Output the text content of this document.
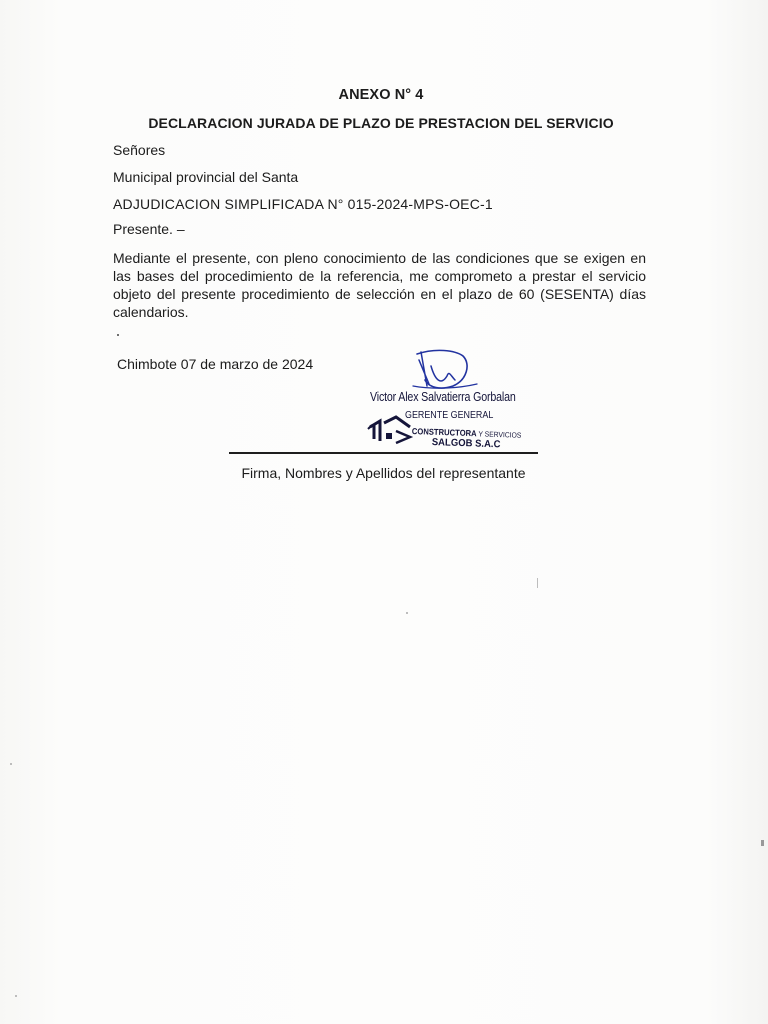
ANEXO N° 4
DECLARACION JURADA DE PLAZO DE PRESTACION DEL SERVICIO
Señores
Municipal provincial del Santa
ADJUDICACION SIMPLIFICADA N° 015-2024-MPS-OEC-1
Presente. –
Mediante el presente, con pleno conocimiento de las condiciones que se exigen en las bases del procedimiento de la referencia, me comprometo a prestar el servicio objeto del presente procedimiento de selección en el plazo de 60 (SESENTA) días calendarios.
Chimbote 07 de marzo de 2024
Victor Alex Salvatierra Gorbalan
GERENTE GENERAL
CONSTRUCTORA Y SERVICIOS
SALGOB S.A.C
Firma, Nombres y Apellidos del representante
